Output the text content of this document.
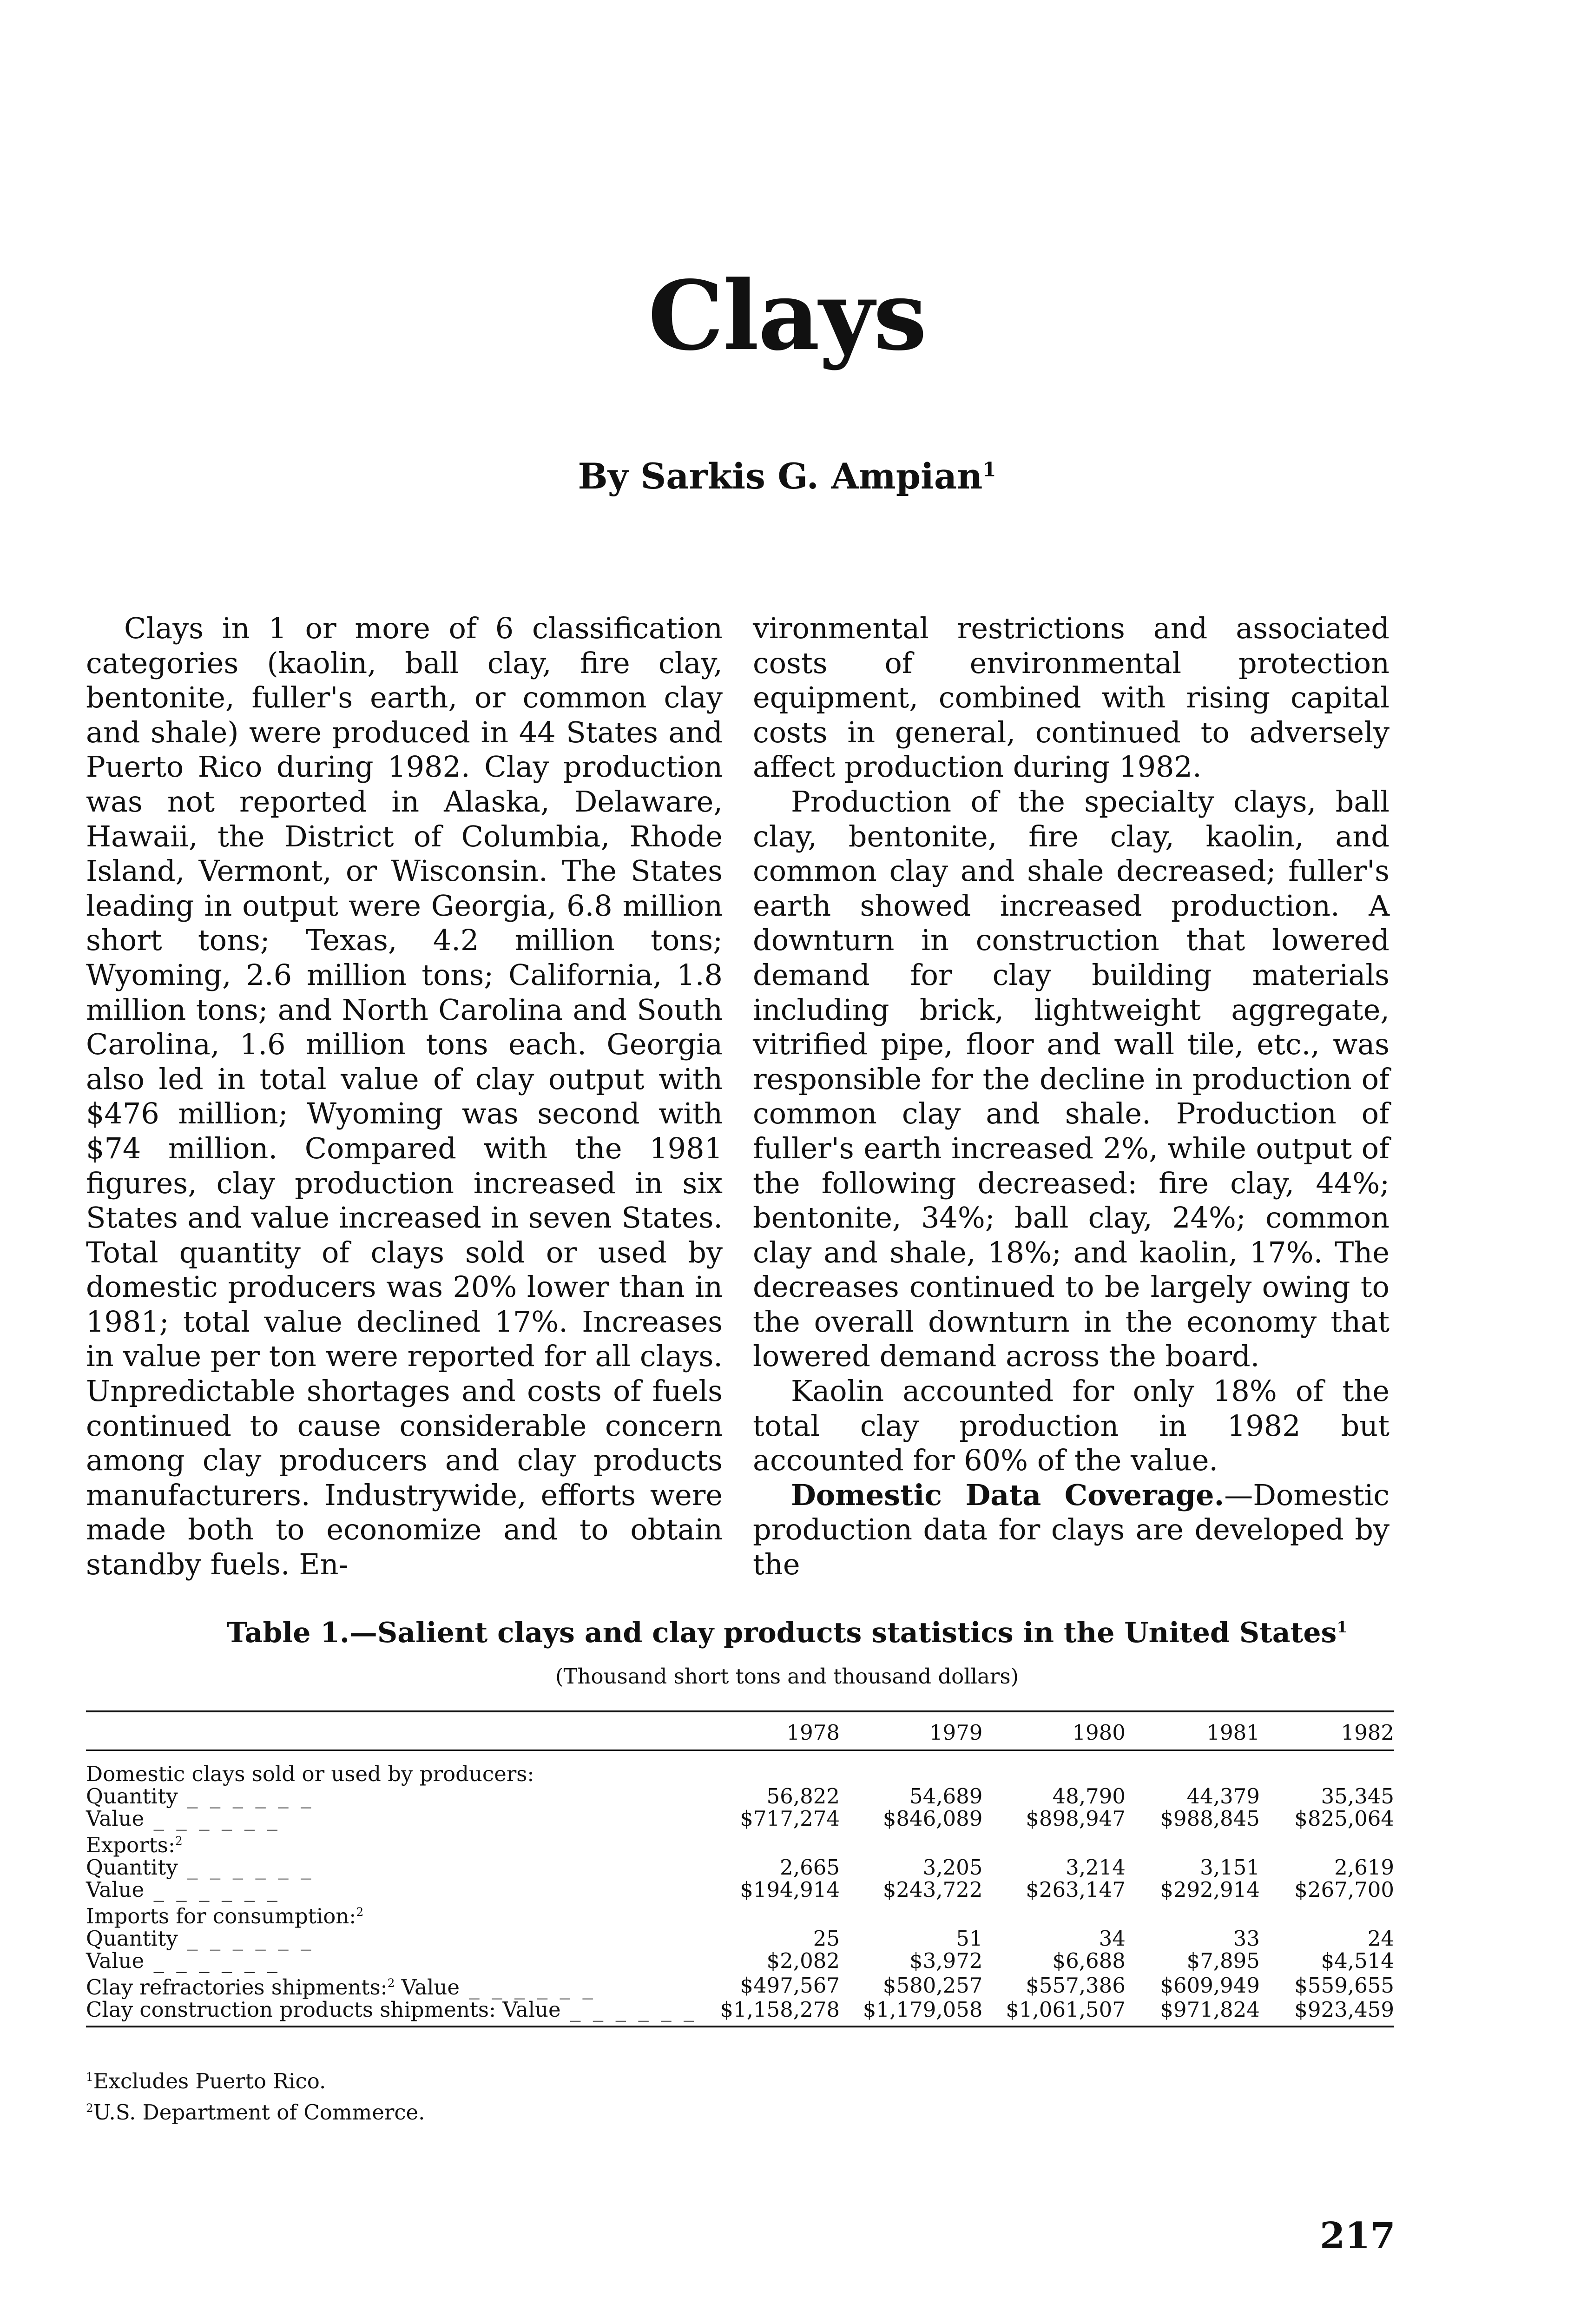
Clays
By Sarkis G. Ampian$^1$

Clays in 1 or more of 6 classification categories (kaolin, ball clay, fire clay, bentonite, fuller's earth, or common clay and shale) were produced in 44 States and Puerto Rico during 1982. Clay production was not reported in Alaska, Delaware, Hawaii, the District of Columbia, Rhode Island, Vermont, or Wisconsin. The States leading in output were Georgia, 6.8 million short tons; Texas, 4.2 million tons; Wyoming, 2.6 million tons; California, 1.8 million tons; and North Carolina and South Carolina, 1.6 million tons each. Georgia also led in total value of clay output with $476 million; Wyoming was second with $74 million. Compared with the 1981 figures, clay production increased in six States and value increased in seven States. Total quantity of clays sold or used by domestic producers was 20% lower than in 1981; total value declined 17%. Increases in value per ton were reported for all clays. Unpredictable shortages and costs of fuels continued to cause considerable concern among clay producers and clay products manufacturers. Industrywide, efforts were made both to economize and to obtain standby fuels. En-

vironmental restrictions and associated costs of environmental protection equipment, combined with rising capital costs in general, continued to adversely affect production during 1982.

Production of the specialty clays, ball clay, bentonite, fire clay, kaolin, and common clay and shale decreased; fuller's earth showed increased production. A downturn in construction that lowered demand for clay building materials including brick, lightweight aggregate, vitrified pipe, floor and wall tile, etc., was responsible for the decline in production of common clay and shale. Production of fuller's earth increased 2%, while output of the following decreased: fire clay, 44%; bentonite, 34%; ball clay, 24%; common clay and shale, 18%; and kaolin, 17%. The decreases continued to be largely owing to the overall downturn in the economy that lowered demand across the board.

Kaolin accounted for only 18% of the total clay production in 1982 but accounted for 60% of the value.

Domestic Data Coverage.—Domestic production data for clays are developed by the

Table 1.—Salient clays and clay products statistics in the United States$^1$
(Thousand short tons and thousand dollars)
	1978	1979	1980	1981	1982
Domestic clays sold or used by producers:					
Quantity _ _ _ _ _ _	56,822	54,689	48,790	44,379	35,345
Value _ _ _ _ _ _	$717,274	$846,089	$898,947	$988,845	$825,064
Exports:$^2$					
Quantity _ _ _ _ _ _	2,665	3,205	3,214	3,151	2,619
Value _ _ _ _ _ _	$194,914	$243,722	$263,147	$292,914	$267,700
Imports for consumption:$^2$					
Quantity _ _ _ _ _ _	25	51	34	33	24
Value _ _ _ _ _ _	$2,082	$3,972	$6,688	$7,895	$4,514
Clay refractories shipments:$^2$ Value _ _ _ _ _ _	$497,567	$580,257	$557,386	$609,949	$559,655
Clay construction products shipments: Value _ _ _ _ _ _	$1,158,278	$1,179,058	$1,061,507	$971,824	$923,459
$^1$Excludes Puerto Rico.
$^2$U.S. Department of Commerce.
217
